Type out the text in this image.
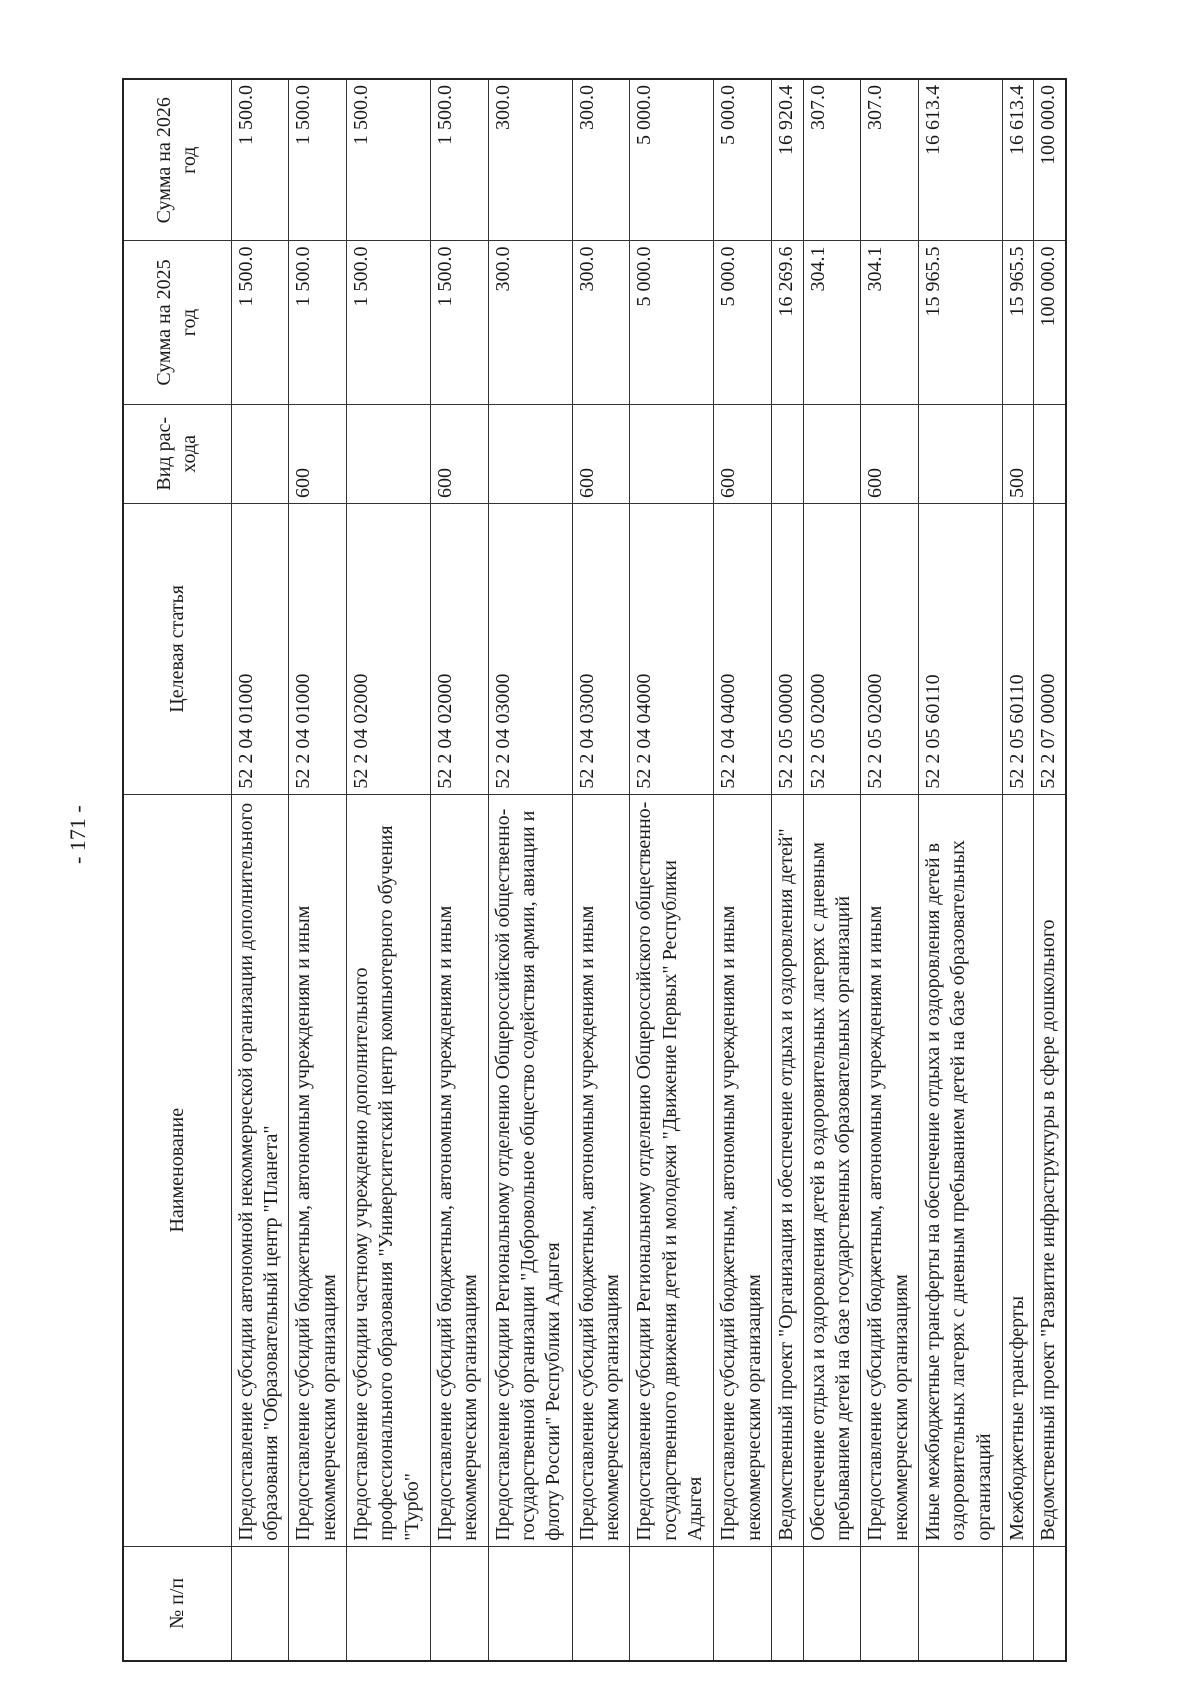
- 171 -
№ п/п	Наименование	Целевая статья	Вид рас-хода	Сумма на 2025 год	Сумма на 2026 год
	Предоставление субсидии автономной некоммерческой организации дополнительного образования "Образовательный центр "Планета"	52 2 04 01000		1 500.0	1 500.0
	Предоставление субсидий бюджетным, автономным учреждениям и иным некоммерческим организациям	52 2 04 01000	600	1 500.0	1 500.0
	Предоставление субсидии частному учреждению дополнительного профессионального образования "Университетский центр компьютерного обучения "Турбо"	52 2 04 02000		1 500.0	1 500.0
	Предоставление субсидий бюджетным, автономным учреждениям и иным некоммерческим организациям	52 2 04 02000	600	1 500.0	1 500.0
	Предоставление субсидии Региональному отделению Общероссийской общественно-государственной организации "Добровольное общество содействия армии, авиации и флоту России" Республики Адыгея	52 2 04 03000		300.0	300.0
	Предоставление субсидий бюджетным, автономным учреждениям и иным некоммерческим организациям	52 2 04 03000	600	300.0	300.0
	Предоставление субсидии Региональному отделению Общероссийского общественно-государственного движения детей и молодежи "Движение Первых" Республики Адыгея	52 2 04 04000		5 000.0	5 000.0
	Предоставление субсидий бюджетным, автономным учреждениям и иным некоммерческим организациям	52 2 04 04000	600	5 000.0	5 000.0
	Ведомственный проект "Организация и обеспечение отдыха и оздоровления детей"	52 2 05 00000		16 269.6	16 920.4
	Обеспечение отдыха и оздоровления детей в оздоровительных лагерях с дневным пребыванием детей на базе государственных образовательных организаций	52 2 05 02000		304.1	307.0
	Предоставление субсидий бюджетным, автономным учреждениям и иным некоммерческим организациям	52 2 05 02000	600	304.1	307.0
	Иные межбюджетные трансферты на обеспечение отдыха и оздоровления детей в оздоровительных лагерях с дневным пребыванием детей на базе образовательных организаций	52 2 05 60110		15 965.5	16 613.4
	Межбюджетные трансферты	52 2 05 60110	500	15 965.5	16 613.4
	Ведомственный проект "Развитие инфраструктуры в сфере дошкольного	52 2 07 00000		100 000.0	100 000.0
